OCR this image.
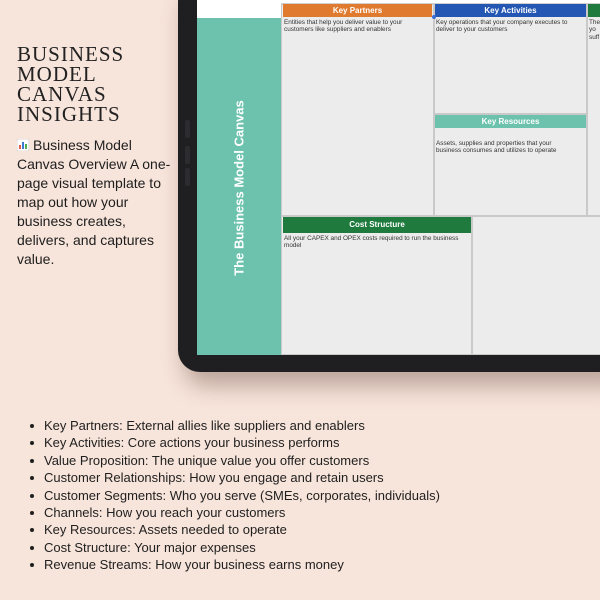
BUSINESS
MODEL
CANVAS
INSIGHTS
Business Model Canvas Overview A one-page visual template to map out how your business creates, delivers, and captures value.	The Business Model Canvas
Key Partners
Entities that help you deliver value to your customers like suppliers and enablers
Key Activities
Key operations that your company executes to deliver to your customers
Key Resources
Assets, supplies and properties that your business consumes and utilizes to operate
The
yo
suff
Cost Structure
All your CAPEX and OPEX costs required to run the business model
Key Partners: External allies like suppliers and enablers
Key Activities: Core actions your business performs
Value Proposition: The unique value you offer customers
Customer Relationships: How you engage and retain users
Customer Segments: Who you serve (SMEs, corporates, individuals)
Channels: How you reach your customers
Key Resources: Assets needed to operate
Cost Structure: Your major expenses
Revenue Streams: How your business earns money
